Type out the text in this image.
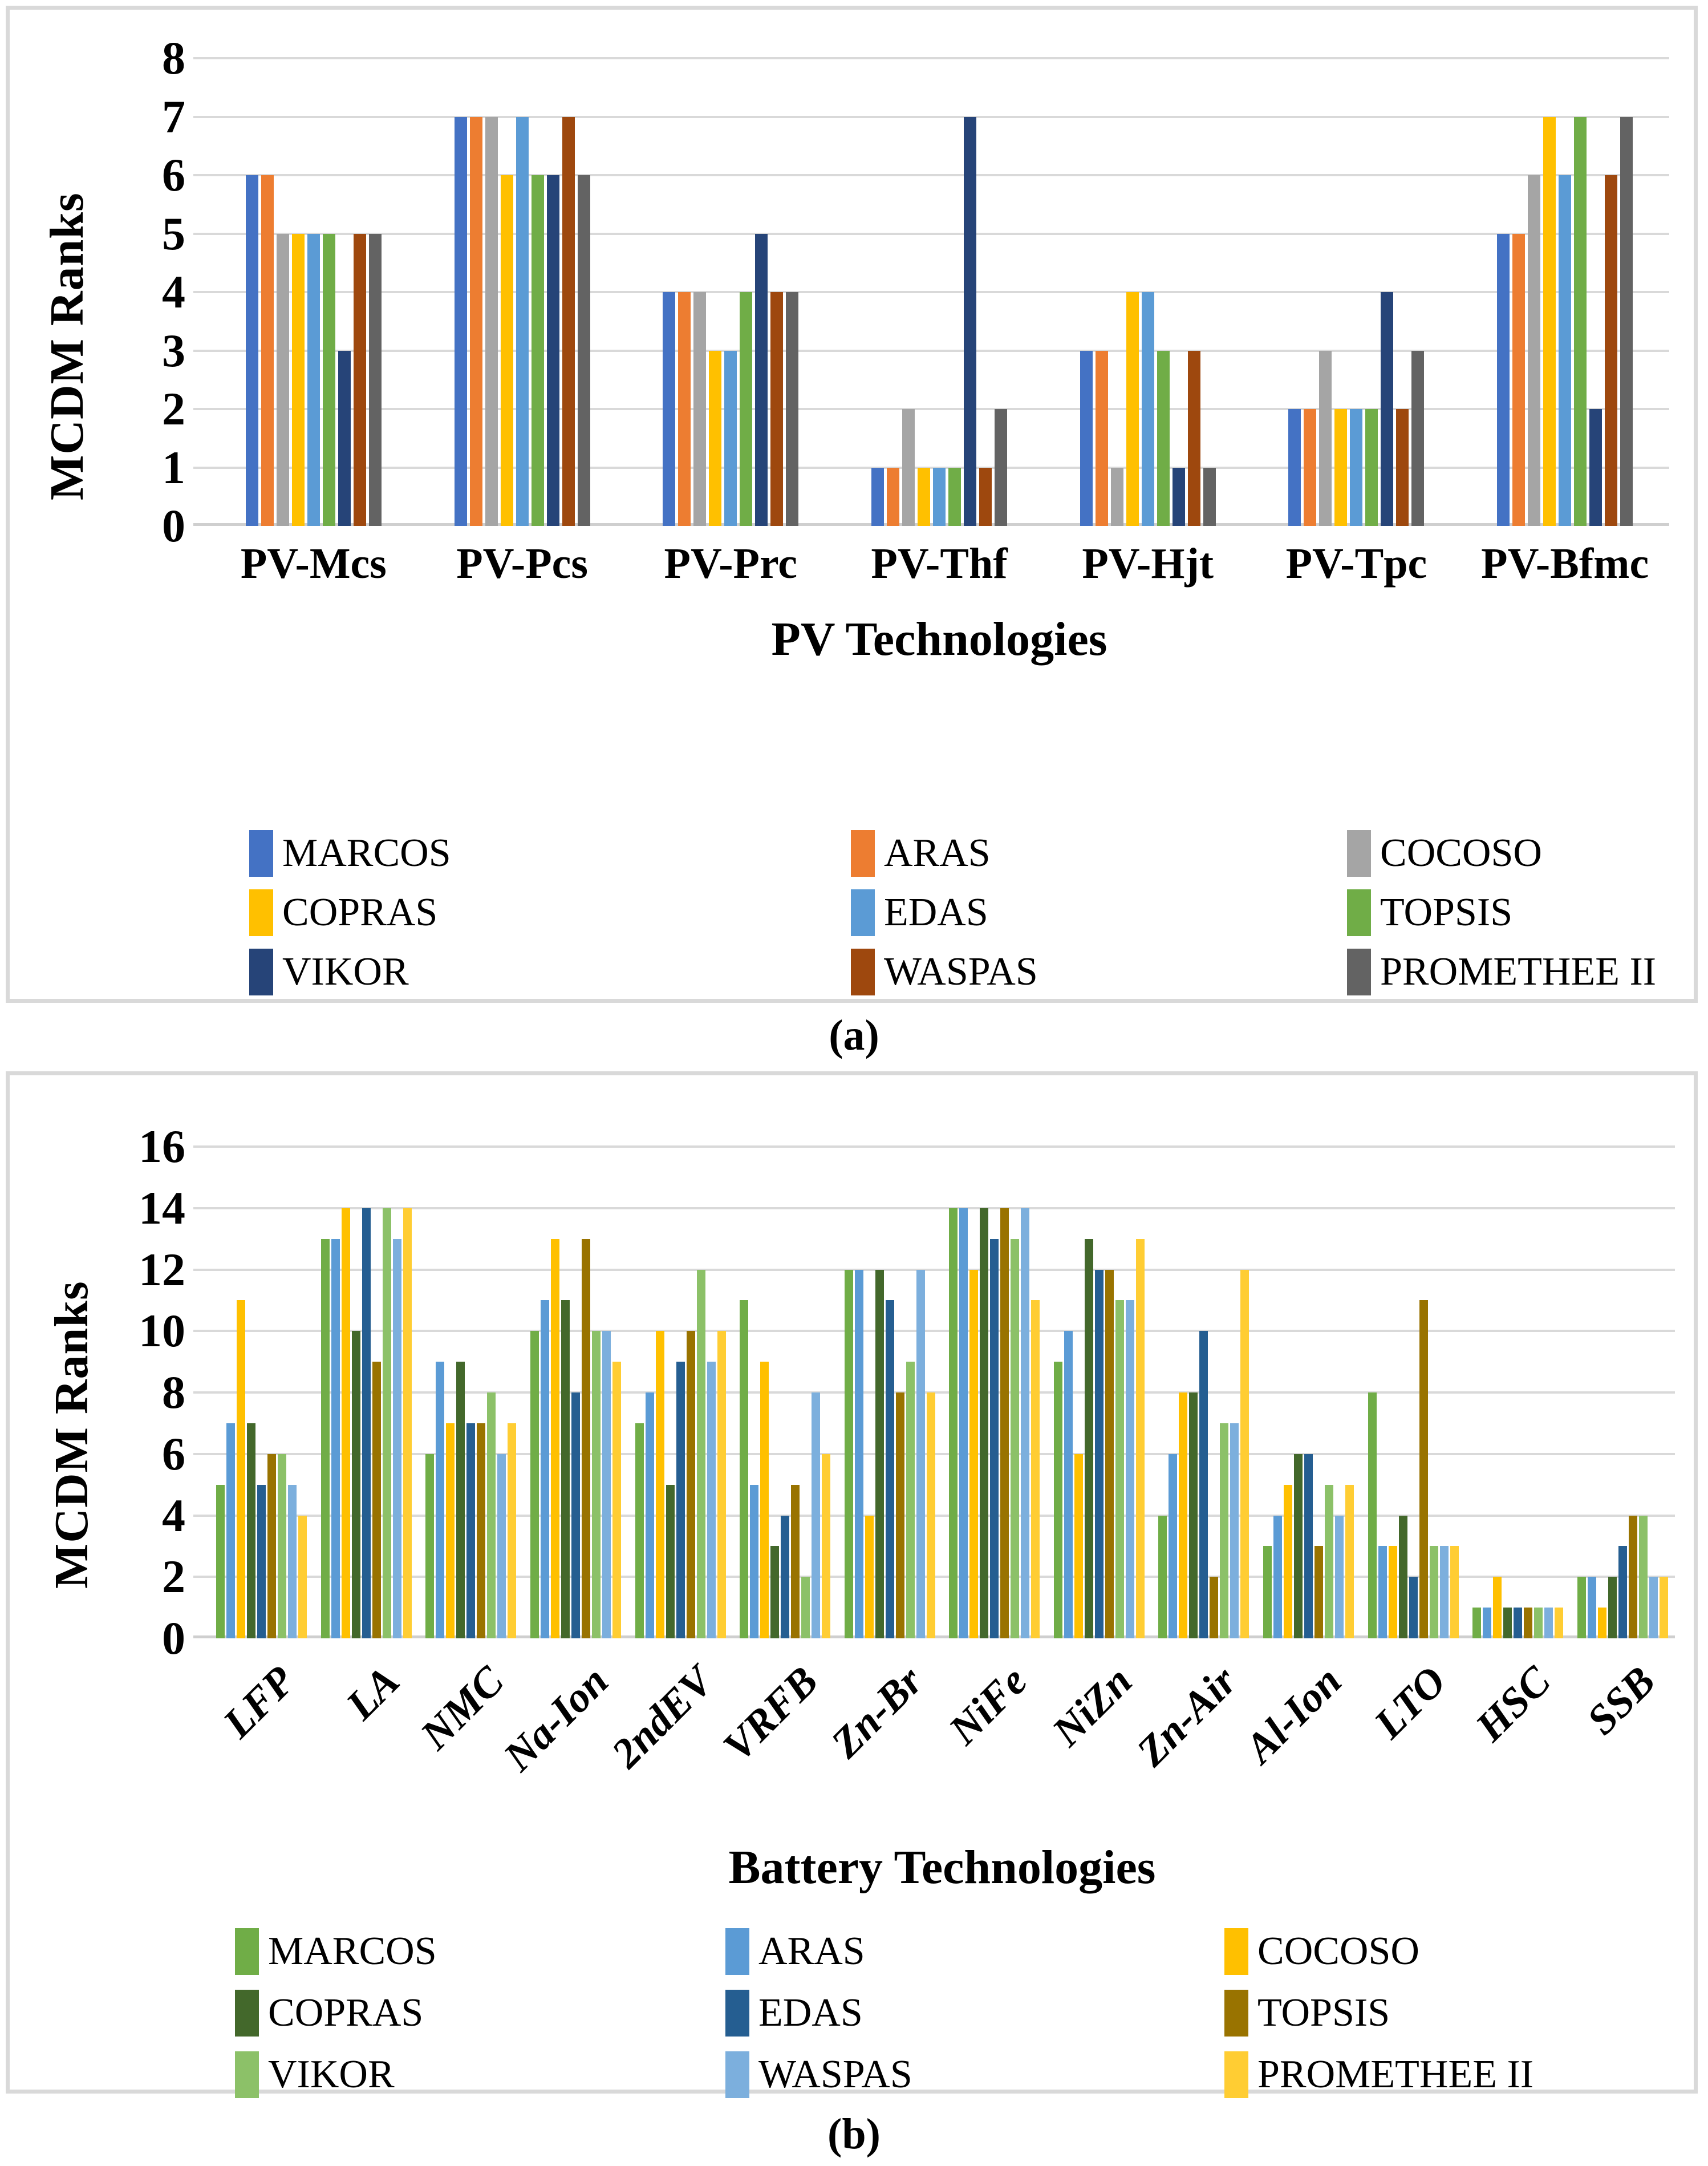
MCDM Ranks
0
1
2
3
4
5
6
7
8
PV-Mcs	PV-Pcs	PV-Prc	PV-Thf	PV-Hjt	PV-Tpc	PV-Bfmc
PV Technologies
MARCOS	ARAS	COCOSO
COPRAS	EDAS	TOPSIS
VIKOR	WASPAS	PROMETHEE II
(a)
MCDM Ranks
0
2
4
6
8
10
12
14
16
LFP LA NMC
Na-Ion
2ndEV
VRFB
Zn-Br NiFe NiZn
Zn-Air
Al-Ion LTO HSC SSB
Battery Technologies
MARCOS	ARAS	COCOSO
COPRAS	EDAS	TOPSIS
VIKOR	WASPAS	PROMETHEE II
(b)
